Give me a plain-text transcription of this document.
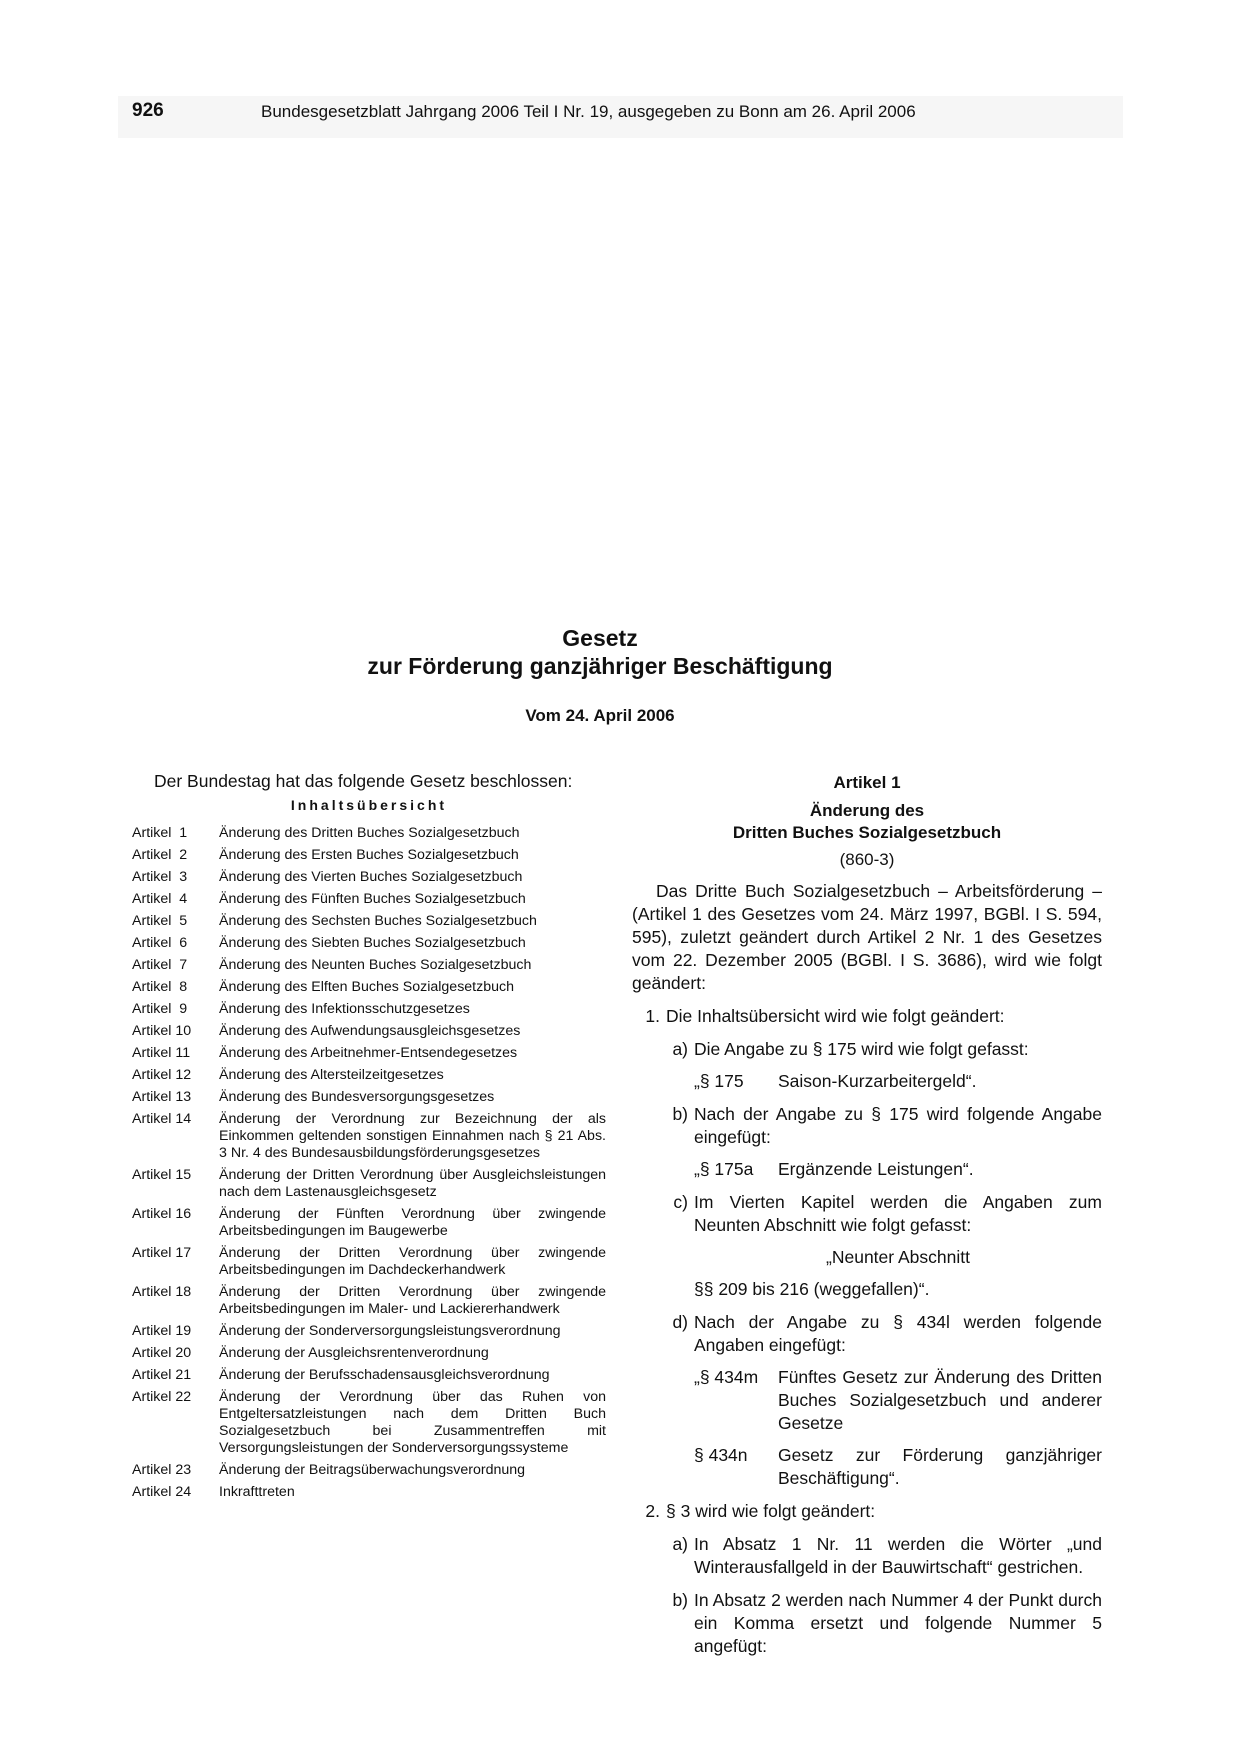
926	Bundesgesetzblatt Jahrgang 2006 Teil I Nr. 19, ausgegeben zu Bonn am 26. April 2006
Gesetz
zur Förderung ganzjähriger Beschäftigung
Vom 24. April 2006
Der Bundestag hat das folgende Gesetz beschlossen:
Inhaltsübersicht
Artikel  1	Änderung des Dritten Buches Sozialgesetzbuch
Artikel  2	Änderung des Ersten Buches Sozialgesetzbuch
Artikel  3	Änderung des Vierten Buches Sozialgesetzbuch
Artikel  4	Änderung des Fünften Buches Sozialgesetzbuch
Artikel  5	Änderung des Sechsten Buches Sozialgesetzbuch
Artikel  6	Änderung des Siebten Buches Sozialgesetzbuch
Artikel  7	Änderung des Neunten Buches Sozialgesetzbuch
Artikel  8	Änderung des Elften Buches Sozialgesetzbuch
Artikel  9	Änderung des Infektionsschutzgesetzes
Artikel 10	Änderung des Aufwendungsausgleichsgesetzes
Artikel 11	Änderung des Arbeitnehmer-Entsendegesetzes
Artikel 12	Änderung des Altersteilzeitgesetzes
Artikel 13	Änderung des Bundesversorgungsgesetzes
Artikel 14	Änderung der Verordnung zur Bezeichnung der als Einkommen geltenden sonstigen Einnahmen nach § 21 Abs. 3 Nr. 4 des Bundesausbildungsförderungsgesetzes
Artikel 15	Änderung der Dritten Verordnung über Ausgleichsleistungen nach dem Lastenausgleichsgesetz
Artikel 16	Änderung der Fünften Verordnung über zwingende Arbeitsbedingungen im Baugewerbe
Artikel 17	Änderung der Dritten Verordnung über zwingende Arbeitsbedingungen im Dachdeckerhandwerk
Artikel 18	Änderung der Dritten Verordnung über zwingende Arbeitsbedingungen im Maler- und Lackiererhandwerk
Artikel 19	Änderung der Sonderversorgungsleistungsverordnung
Artikel 20	Änderung der Ausgleichsrentenverordnung
Artikel 21	Änderung der Berufsschadensausgleichsverordnung
Artikel 22	Änderung der Verordnung über das Ruhen von Entgeltersatzleistungen nach dem Dritten Buch Sozialgesetzbuch bei Zusammentreffen mit Versorgungsleistungen der Sonderversorgungssysteme
Artikel 23	Änderung der Beitragsüberwachungsverordnung
Artikel 24	Inkrafttreten
Artikel 1
Änderung des
Dritten Buches Sozialgesetzbuch
(860-3)
Das Dritte Buch Sozialgesetzbuch – Arbeitsförderung – (Artikel 1 des Gesetzes vom 24. März 1997, BGBl. I S. 594, 595), zuletzt geändert durch Artikel 2 Nr. 1 des Gesetzes vom 22. Dezember 2005 (BGBl. I S. 3686), wird wie folgt geändert:
1. Die Inhaltsübersicht wird wie folgt geändert:
a) Die Angabe zu § 175 wird wie folgt gefasst:
„§ 175	Saison-Kurzarbeitergeld“.
b) Nach der Angabe zu § 175 wird folgende Angabe eingefügt:
„§ 175a	Ergänzende Leistungen“.
c) Im Vierten Kapitel werden die Angaben zum Neunten Abschnitt wie folgt gefasst:
„Neunter Abschnitt
§§ 209 bis 216 (weggefallen)“.
d) Nach der Angabe zu § 434l werden folgende Angaben eingefügt:
„§ 434m	Fünftes Gesetz zur Änderung des Dritten Buches Sozialgesetzbuch und anderer Gesetze
§ 434n	Gesetz zur Förderung ganzjähriger Beschäftigung“.
2. § 3 wird wie folgt geändert:
a) In Absatz 1 Nr. 11 werden die Wörter „und Winterausfallgeld in der Bauwirtschaft“ gestrichen.
b) In Absatz 2 werden nach Nummer 4 der Punkt durch ein Komma ersetzt und folgende Nummer 5 angefügt:
